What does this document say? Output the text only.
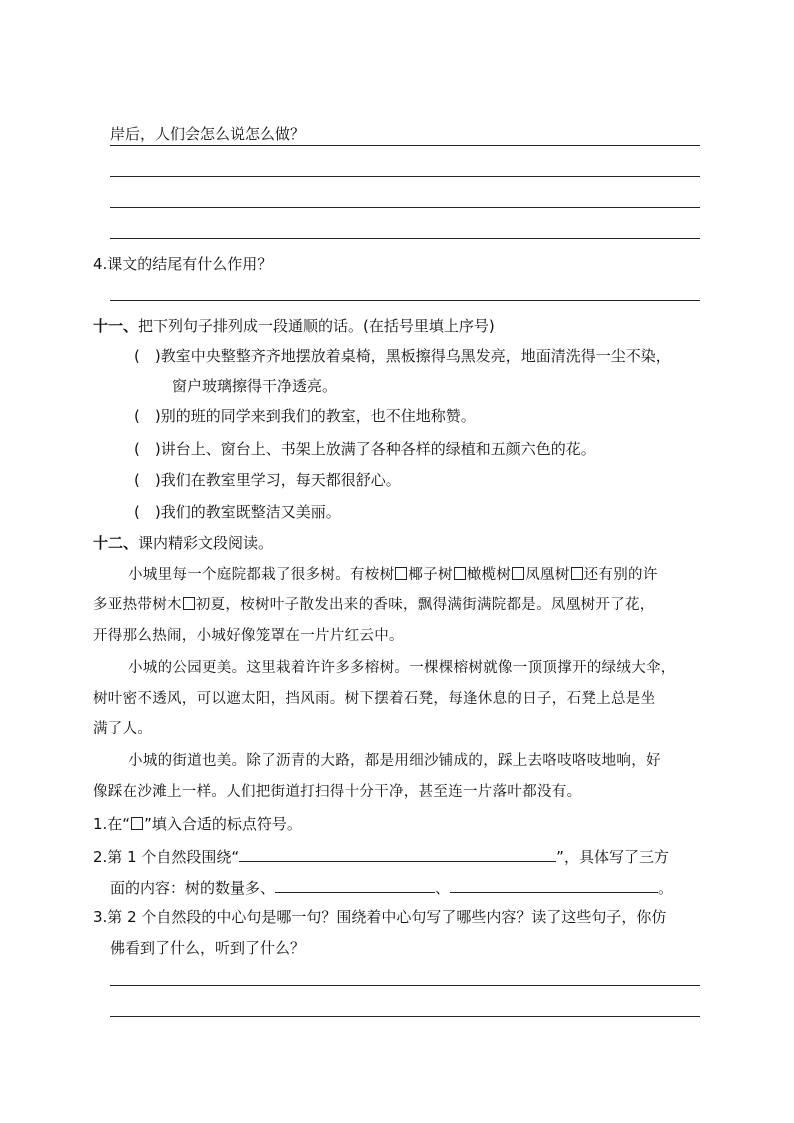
岸后，人们会怎么说怎么做？
4.课文的结尾有什么作用？
十一、把下列句子排列成一段通顺的话。(在括号里填上序号)
(　)教室中央整整齐齐地摆放着桌椅，黑板擦得乌黑发亮，地面清洗得一尘不染，
窗户玻璃擦得干净透亮。
(　)别的班的同学来到我们的教室，也不住地称赞。
(　)讲台上、窗台上、书架上放满了各种各样的绿植和五颜六色的花。
(　)我们在教室里学习，每天都很舒心。
(　)我们的教室既整洁又美丽。
十二、课内精彩文段阅读。
小城里每一个庭院都栽了很多树。有桉树 椰子树 橄榄树 凤凰树 还有别的许
多亚热带树木 初夏，桉树叶子散发出来的香味，飘得满街满院都是。凤凰树开了花，
开得那么热闹，小城好像笼罩在一片片红云中。
小城的公园更美。这里栽着许许多多榕树。一棵棵榕树就像一顶顶撑开的绿绒大伞，
树叶密不透风，可以遮太阳，挡风雨。树下摆着石凳，每逢休息的日子，石凳上总是坐
满了人。
小城的街道也美。除了沥青的大路，都是用细沙铺成的，踩上去咯吱咯吱地响，好
像踩在沙滩上一样。人们把街道打扫得十分干净，甚至连一片落叶都没有。
1.在“ ”填入合适的标点符号。
2.第 1 个自然段围绕“	”，具体写了三方
面的内容：树的数量多、	、	。
3.第 2 个自然段的中心句是哪一句？围绕着中心句写了哪些内容？读了这些句子，你仿
佛看到了什么，听到了什么？
